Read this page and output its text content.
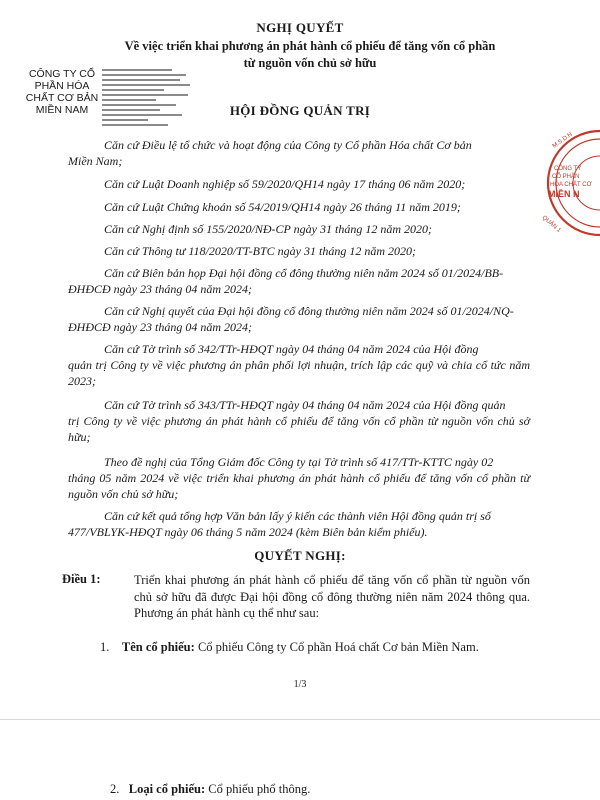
CÔNG TY CỔ PHẦN HÓA CHẤT CƠ BẢN MIỀN NAM
NGHỊ QUYẾT
Về việc triển khai phương án phát hành cổ phiếu để tăng vốn cổ phần
từ nguồn vốn chủ sở hữu
HỘI ĐỒNG QUẢN TRỊ
M.S.D.N
QUẬN 1
CÔNG TY
CỔ PHẦN
HÓA CHẤT CƠ
MIỀN N
Căn cứ Điều lệ tổ chức và hoạt động của Công ty Cổ phần Hóa chất Cơ bản
Miền Nam;
Căn cứ Luật Doanh nghiệp số 59/2020/QH14 ngày 17 tháng 06 năm 2020;
Căn cứ Luật Chứng khoán số 54/2019/QH14 ngày 26 tháng 11 năm 2019;
Căn cứ Nghị định số 155/2020/NĐ-CP ngày 31 tháng 12 năm 2020;
Căn cứ Thông tư 118/2020/TT-BTC ngày 31 tháng 12 năm 2020;
Căn cứ Biên bản họp Đại hội đồng cổ đông thường niên năm 2024 số 01/2024/BB-
ĐHĐCĐ ngày 23 tháng 04 năm 2024;
Căn cứ Nghị quyết của Đại hội đồng cổ đông thường niên năm 2024 số 01/2024/NQ-
ĐHĐCĐ ngày 23 tháng 04 năm 2024;
Căn cứ Tờ trình số 342/TTr-HĐQT ngày 04 tháng 04 năm 2024 của Hội đồng
quản trị Công ty về việc phương án phân phối lợi nhuận, trích lập các quỹ và chia cổ tức năm 2023;
Căn cứ Tờ trình số 343/TTr-HĐQT ngày 04 tháng 04 năm 2024 của Hội đồng quản
trị Công ty về việc phương án phát hành cổ phiếu để tăng vốn cổ phần từ nguồn vốn chủ sở hữu;
Theo đề nghị của Tổng Giám đốc Công ty tại Tờ trình số 417/TTr-KTTC ngày 02
tháng 05 năm 2024 về việc triển khai phương án phát hành cổ phiếu để tăng vốn cổ phần từ nguồn vốn chủ sở hữu;
Căn cứ kết quả tổng hợp Văn bản lấy ý kiến các thành viên Hội đồng quản trị số
477/VBLYK-HĐQT ngày 06 tháng 5 năm 2024 (kèm Biên bản kiểm phiếu).
QUYẾT NGHỊ:
Điều 1:	Triển khai phương án phát hành cổ phiếu để tăng vốn cổ phần từ nguồn vốn chủ sở hữu đã được Đại hội đồng cổ đông thường niên năm 2024 thông qua. Phương án phát hành cụ thể như sau:
1. Tên cổ phiếu: Cổ phiếu Công ty Cổ phần Hoá chất Cơ bản Miền Nam.
1/3
2. Loại cổ phiếu: Cổ phiếu phổ thông.
